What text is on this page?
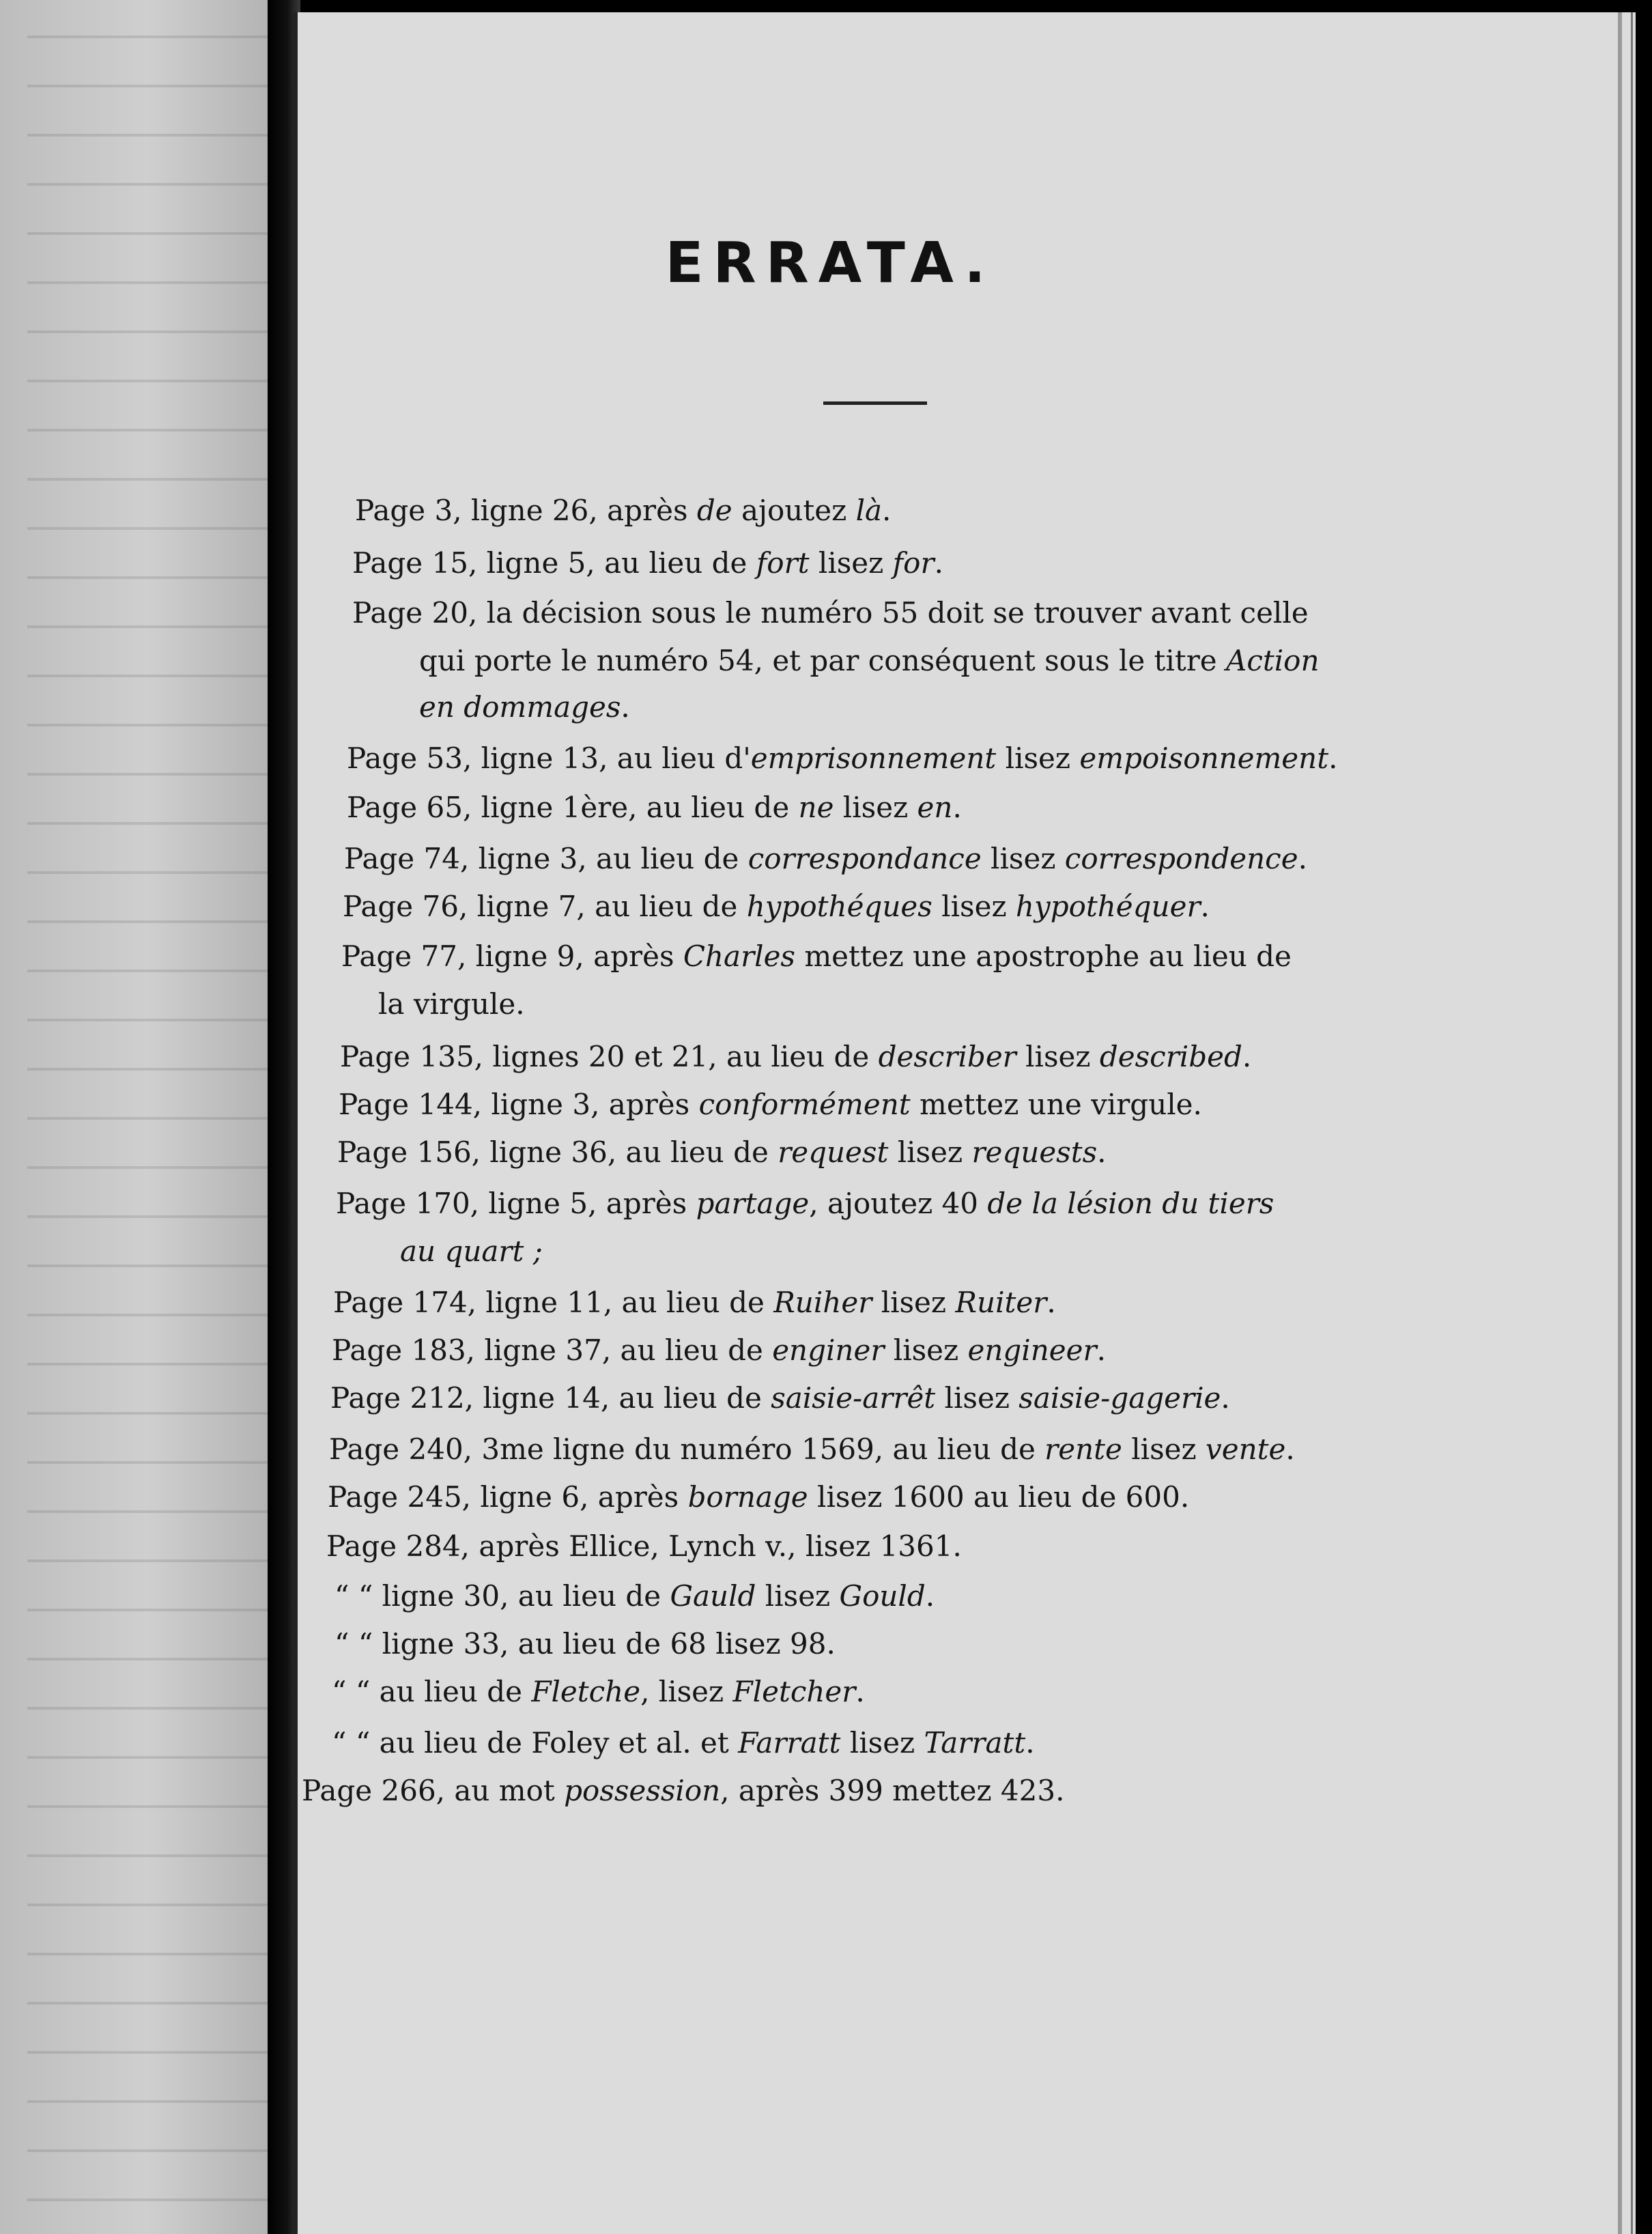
ERRATA.
Page 3, ligne 26, après de ajoutez là.
Page 15, ligne 5, au lieu de fort lisez for.
Page 20, la décision sous le numéro 55 doit se trouver avant celle
qui porte le numéro 54, et par conséquent sous le titre Action
en dommages.
Page 53, ligne 13, au lieu d'emprisonnement lisez empoisonnement.
Page 65, ligne 1ère, au lieu de ne lisez en.
Page 74, ligne 3, au lieu de correspondance lisez correspondence.
Page 76, ligne 7, au lieu de hypothéques lisez hypothéquer.
Page 77, ligne 9, après Charles mettez une apostrophe au lieu de
la virgule.
Page 135, lignes 20 et 21, au lieu de describer lisez described.
Page 144, ligne 3, après conformément mettez une virgule.
Page 156, ligne 36, au lieu de request lisez requests.
Page 170, ligne 5, après partage, ajoutez 40 de la lésion du tiers
au quart ;
Page 174, ligne 11, au lieu de Ruiher lisez Ruiter.
Page 183, ligne 37, au lieu de enginer lisez engineer.
Page 212, ligne 14, au lieu de saisie-arrêt lisez saisie-gagerie.
Page 240, 3me ligne du numéro 1569, au lieu de rente lisez vente.
Page 245, ligne 6, après bornage lisez 1600 au lieu de 600.
Page 284, après Ellice, Lynch v., lisez 1361.
“ “ ligne 30, au lieu de Gauld lisez Gould.
“ “ ligne 33, au lieu de 68 lisez 98.
“ “ au lieu de Fletche, lisez Fletcher.
“ “ au lieu de Foley et al. et Farratt lisez Tarratt.
Page 266, au mot possession, après 399 mettez 423.
